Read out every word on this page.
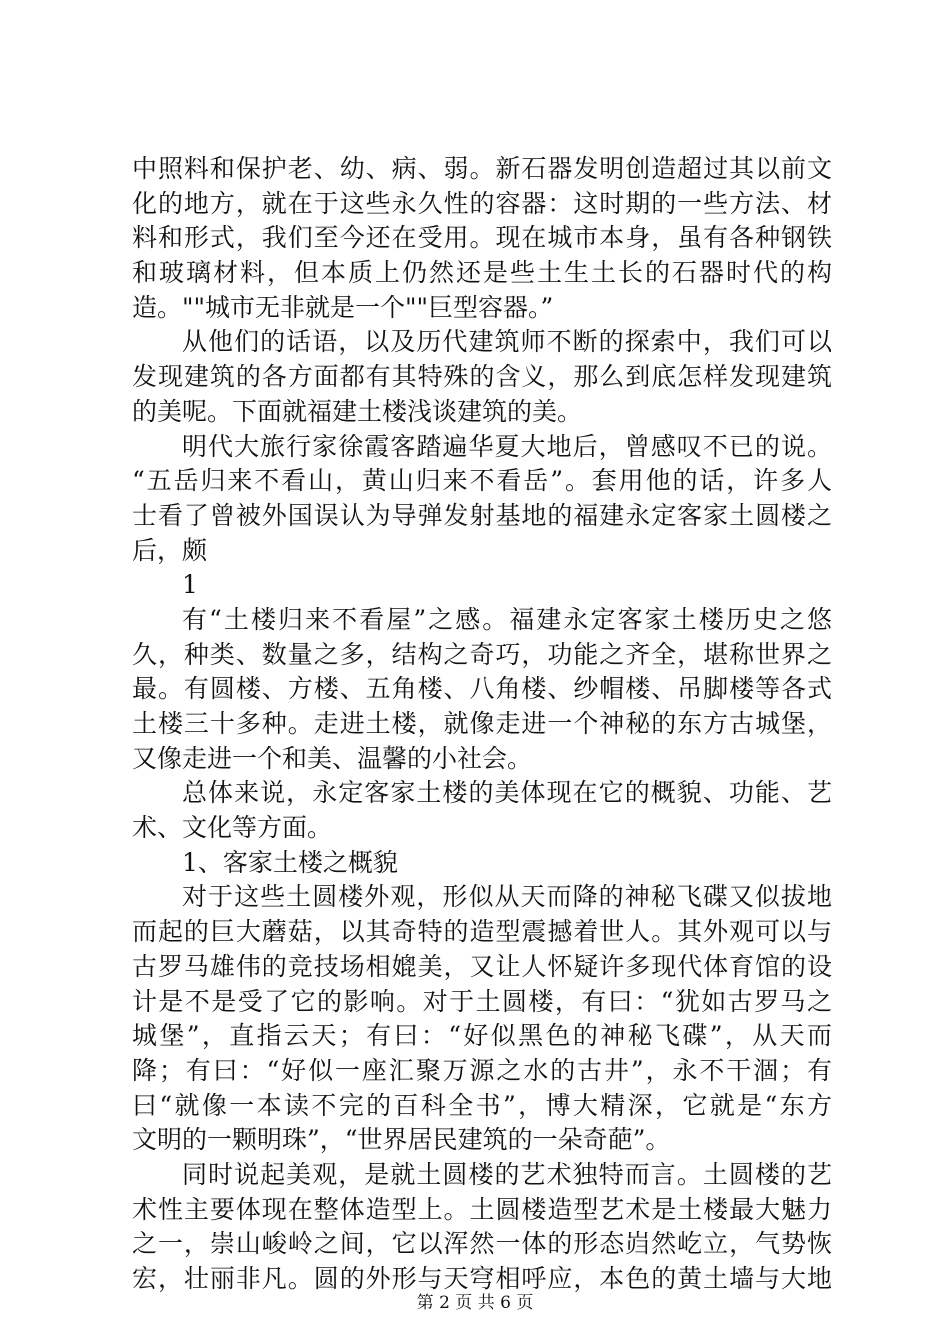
中照料和保护老、幼、病、弱。新石器发明创造超过其以前文
化的地方，就在于这些永久性的容器：这时期的一些方法、材
料和形式，我们至今还在受用。现在城市本身，虽有各种钢铁
和玻璃材料，但本质上仍然还是些土生土长的石器时代的构
造。""城市无非就是一个""巨型容器。”
从他们的话语，以及历代建筑师不断的探索中，我们可以
发现建筑的各方面都有其特殊的含义，那么到底怎样发现建筑
的美呢。下面就福建土楼浅谈建筑的美。
明代大旅行家徐霞客踏遍华夏大地后，曾感叹不已的说。
“五岳归来不看山，黄山归来不看岳”。套用他的话，许多人
士看了曾被外国误认为导弹发射基地的福建永定客家土圆楼之
后，颇
1
有“土楼归来不看屋”之感。福建永定客家土楼历史之悠
久，种类、数量之多，结构之奇巧，功能之齐全，堪称世界之
最。有圆楼、方楼、五角楼、八角楼、纱帽楼、吊脚楼等各式
土楼三十多种。走进土楼，就像走进一个神秘的东方古城堡，
又像走进一个和美、温馨的小社会。
总体来说，永定客家土楼的美体现在它的概貌、功能、艺
术、文化等方面。
1、客家土楼之概貌
对于这些土圆楼外观，形似从天而降的神秘飞碟又似拔地
而起的巨大蘑菇，以其奇特的造型震撼着世人。其外观可以与
古罗马雄伟的竞技场相媲美，又让人怀疑许多现代体育馆的设
计是不是受了它的影响。对于土圆楼，有曰：“犹如古罗马之
城堡”，直指云天；有曰：“好似黑色的神秘飞碟”，从天而
降；有曰：“好似一座汇聚万源之水的古井”，永不干涸；有
曰“就像一本读不完的百科全书”，博大精深，它就是“东方
文明的一颗明珠”，“世界居民建筑的一朵奇葩”。
同时说起美观，是就土圆楼的艺术独特而言。土圆楼的艺
术性主要体现在整体造型上。土圆楼造型艺术是土楼最大魅力
之一，崇山峻岭之间，它以浑然一体的形态岿然屹立，气势恢
宏，壮丽非凡。圆的外形与天穹相呼应，本色的黄土墙与大地
第 2 页 共 6 页
